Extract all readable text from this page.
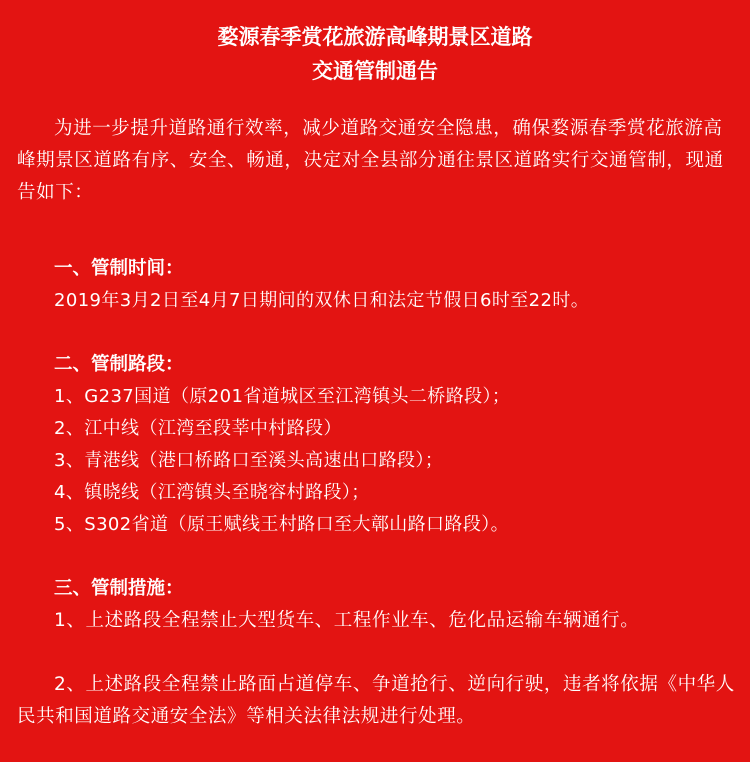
婺源春季赏花旅游高峰期景区道路
交通管制通告
为进一步提升道路通行效率，减少道路交通安全隐患，确保婺源春季赏花旅游高峰期景区道路有序、安全、畅通，决定对全县部分通往景区道路实行交通管制，现通告如下：
一、管制时间：
2019年3月2日至4月7日期间的双休日和法定节假日6时至22时。
二、管制路段：
1、G237国道（原201省道城区至江湾镇头二桥路段）；
2、江中线（江湾至段莘中村路段）
3、青港线（港口桥路口至溪头高速出口路段）；
4、镇晓线（江湾镇头至晓容村路段）；
5、S302省道（原王赋线王村路口至大鄣山路口路段）。
三、管制措施：
1、上述路段全程禁止大型货车、工程作业车、危化品运输车辆通行。
2、上述路段全程禁止路面占道停车、争道抢行、逆向行驶，违者将依据《中华人民共和国道路交通安全法》等相关法律法规进行处理。
